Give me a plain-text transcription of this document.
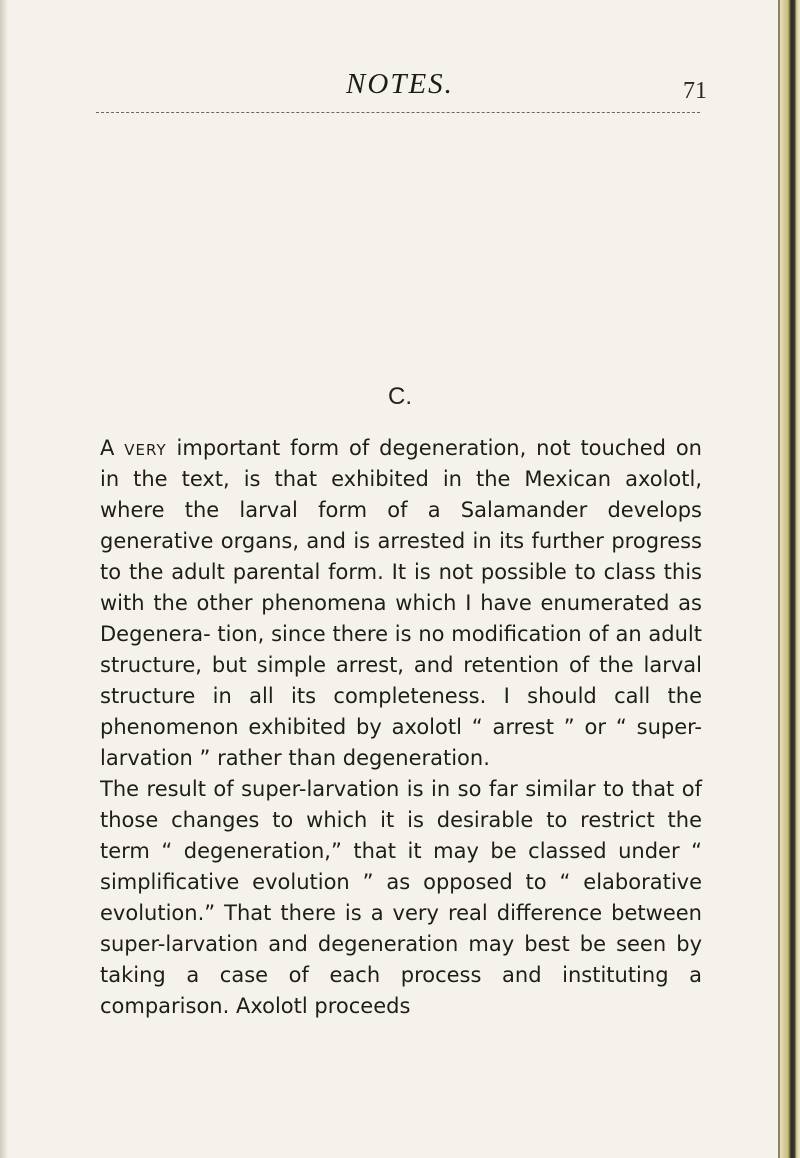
NOTES.	71
C.

A very important form of degeneration, not touched on in the text, is that exhibited in the Mexican axolotl, where the larval form of a Salamander develops generative organs, and is arrested in its further progress to the adult parental form. It is not possible to class this with the other phenomena which I have enumerated as Degenera- tion, since there is no modification of an adult structure, but simple arrest, and retention of the larval structure in all its completeness. I should call the phenomenon exhibited by axolotl “ arrest ” or “ super-larvation ” rather than degeneration.

The result of super-larvation is in so far similar to that of those changes to which it is desirable to restrict the term “ degeneration,” that it may be classed under “ simplificative evolution ” as opposed to “ elaborative evolution.” That there is a very real difference between super-larvation and degeneration may best be seen by taking a case of each process and instituting a comparison. Axolotl proceeds
